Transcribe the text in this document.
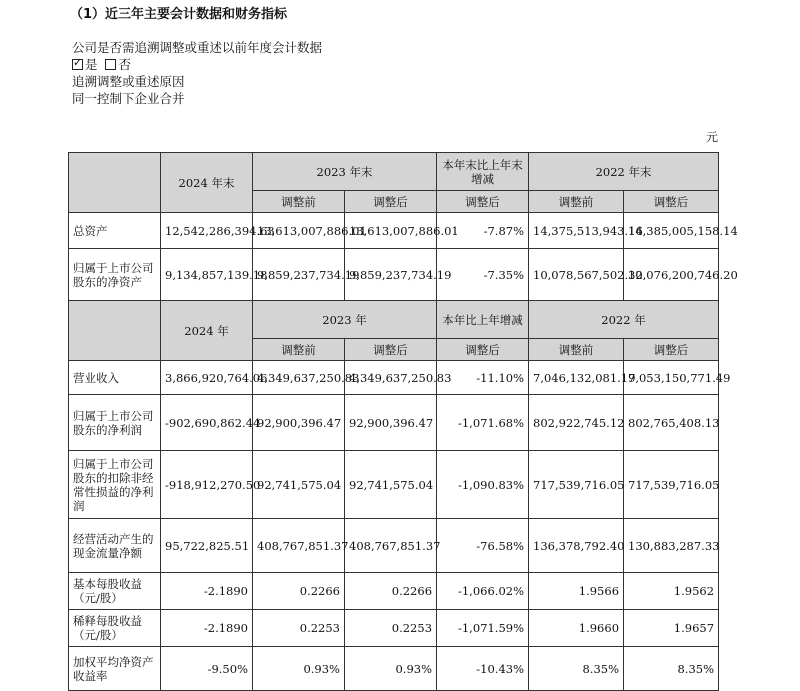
（1）近三年主要会计数据和财务指标
公司是否需追溯调整或重述以前年度会计数据
✓是 否
追溯调整或重述原因
同一控制下企业合并
元
	2024 年末	2023 年末		本年末比上年末增减	2022 年末	
		调整前	调整后	调整后	调整前	调整后
总资产	12,542,286,394.63	13,613,007,886.01	13,613,007,886.01	-7.87%	14,375,513,943.16	14,385,005,158.14
归属于上市公司股东的净资产	9,134,857,139.18	9,859,237,734.19	9,859,237,734.19	-7.35%	10,078,567,502.32	10,076,200,746.20
	2024 年	2023 年		本年比上年增减	2022 年	
		调整前	调整后	调整后	调整前	调整后
营业收入	3,866,920,764.06	4,349,637,250.83	4,349,637,250.83	-11.10%	7,046,132,081.19	7,053,150,771.49
归属于上市公司股东的净利润	-902,690,862.44	92,900,396.47	92,900,396.47	-1,071.68%	802,922,745.12	802,765,408.13
归属于上市公司股东的扣除非经常性损益的净利润	-918,912,270.50	92,741,575.04	92,741,575.04	-1,090.83%	717,539,716.05	717,539,716.05
经营活动产生的现金流量净额	95,722,825.51	408,767,851.37	408,767,851.37	-76.58%	136,378,792.40	130,883,287.33
基本每股收益（元/股）	-2.1890	0.2266	0.2266	-1,066.02%	1.9566	1.9562
稀释每股收益（元/股）	-2.1890	0.2253	0.2253	-1,071.59%	1.9660	1.9657
加权平均净资产收益率	-9.50%	0.93%	0.93%	-10.43%	8.35%	8.35%
